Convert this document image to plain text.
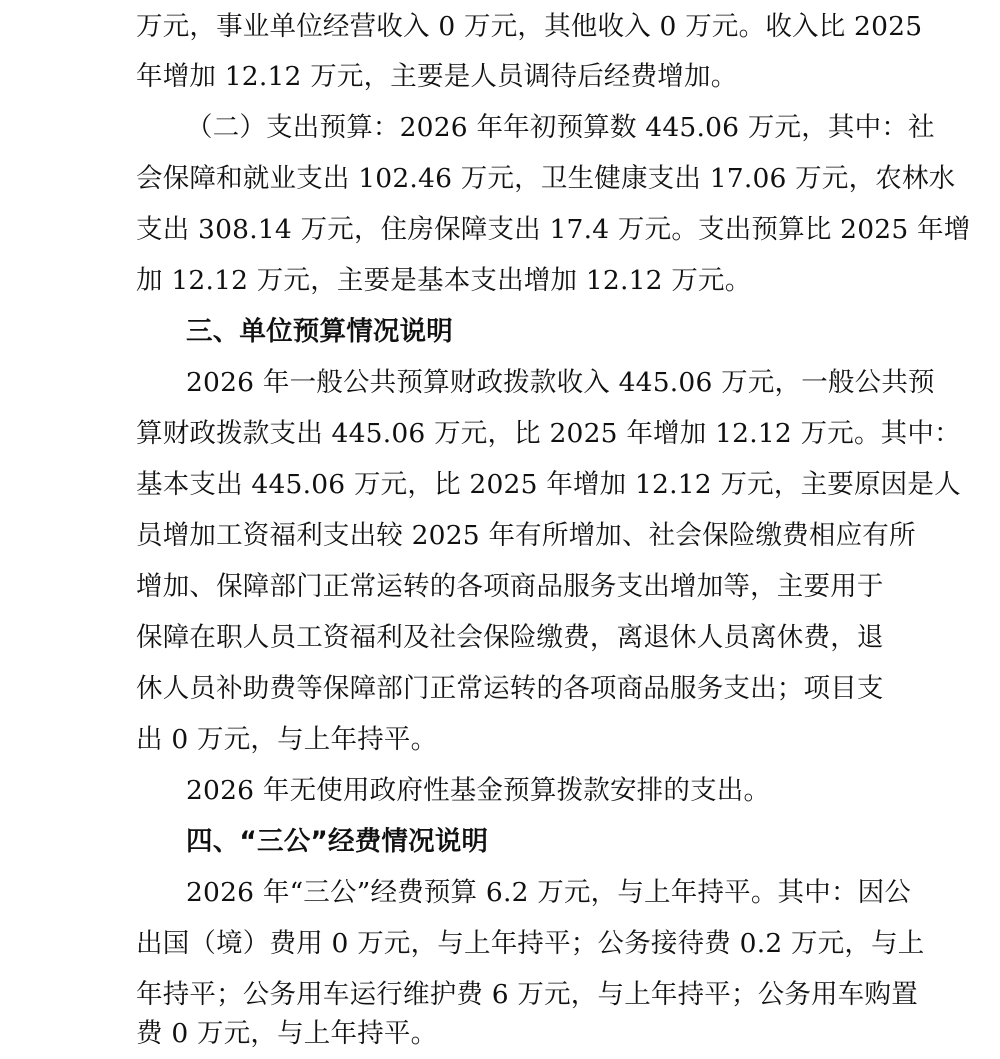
万元，事业单位经营收入 0 万元，其他收入 0 万元。收入比 2025
年增加 12.12 万元，主要是人员调待后经费增加。
（二）支出预算：2026 年年初预算数 445.06 万元，其中：社
会保障和就业支出 102.46 万元，卫生健康支出 17.06 万元，农林水
支出 308.14 万元，住房保障支出 17.4 万元。支出预算比 2025 年增
加 12.12 万元，主要是基本支出增加 12.12 万元。
三、单位预算情况说明
2026 年一般公共预算财政拨款收入 445.06 万元，一般公共预
算财政拨款支出 445.06 万元，比 2025 年增加 12.12 万元。其中：
基本支出 445.06 万元，比 2025 年增加 12.12 万元，主要原因是人
员增加工资福利支出较 2025 年有所增加、社会保险缴费相应有所
增加、保障部门正常运转的各项商品服务支出增加等，主要用于
保障在职人员工资福利及社会保险缴费，离退休人员离休费，退
休人员补助费等保障部门正常运转的各项商品服务支出；项目支
出 0 万元，与上年持平。
2026 年无使用政府性基金预算拨款安排的支出。
四、“三公”经费情况说明
2026 年“三公”经费预算 6.2 万元，与上年持平。其中：因公
出国（境）费用 0 万元，与上年持平；公务接待费 0.2 万元，与上
年持平；公务用车运行维护费 6 万元，与上年持平；公务用车购置
费 0 万元，与上年持平。
